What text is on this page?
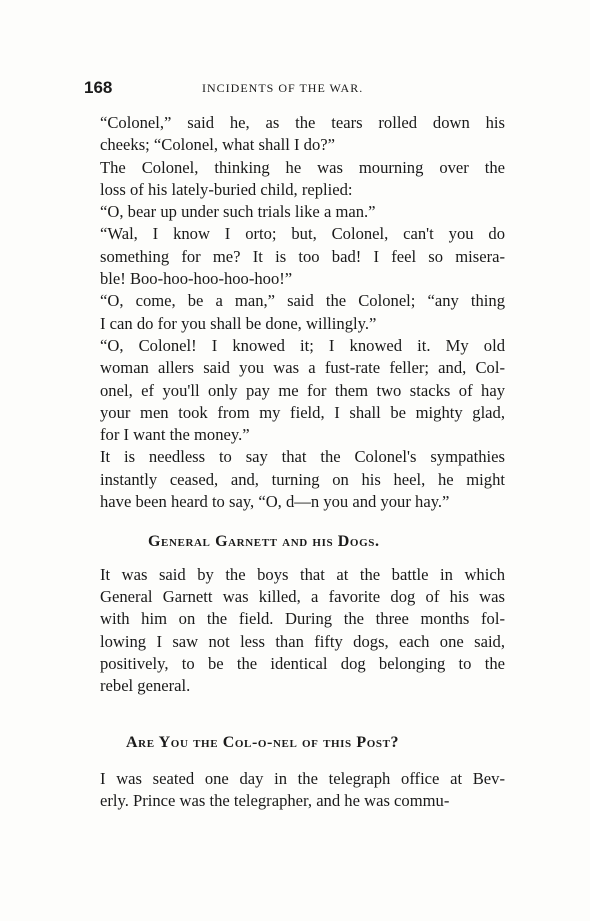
168	INCIDENTS OF THE WAR.

“Colonel,” said he, as the tears rolled down his
cheeks; “Colonel, what shall I do?”

The Colonel, thinking he was mourning over the
loss of his lately-buried child, replied:

“O, bear up under such trials like a man.”

“Wal, I know I orto; but, Colonel, can't you do
something for me? It is too bad! I feel so misera-
ble! Boo-hoo-hoo-hoo-hoo!”

“O, come, be a man,” said the Colonel; “any thing
I can do for you shall be done, willingly.”

“O, Colonel! I knowed it; I knowed it. My old
woman allers said you was a fust-rate feller; and, Col-
onel, ef you'll only pay me for them two stacks of hay
your men took from my field, I shall be mighty glad,
for I want the money.”

It is needless to say that the Colonel's sympathies
instantly ceased, and, turning on his heel, he might
have been heard to say, “O, d—n you and your hay.”

General Garnett and his Dogs.

It was said by the boys that at the battle in which
General Garnett was killed, a favorite dog of his was
with him on the field. During the three months fol-
lowing I saw not less than fifty dogs, each one said,
positively, to be the identical dog belonging to the
rebel general.

Are You the Col-o-nel of this Post?

I was seated one day in the telegraph office at Bev-
erly. Prince was the telegrapher, and he was commu-
